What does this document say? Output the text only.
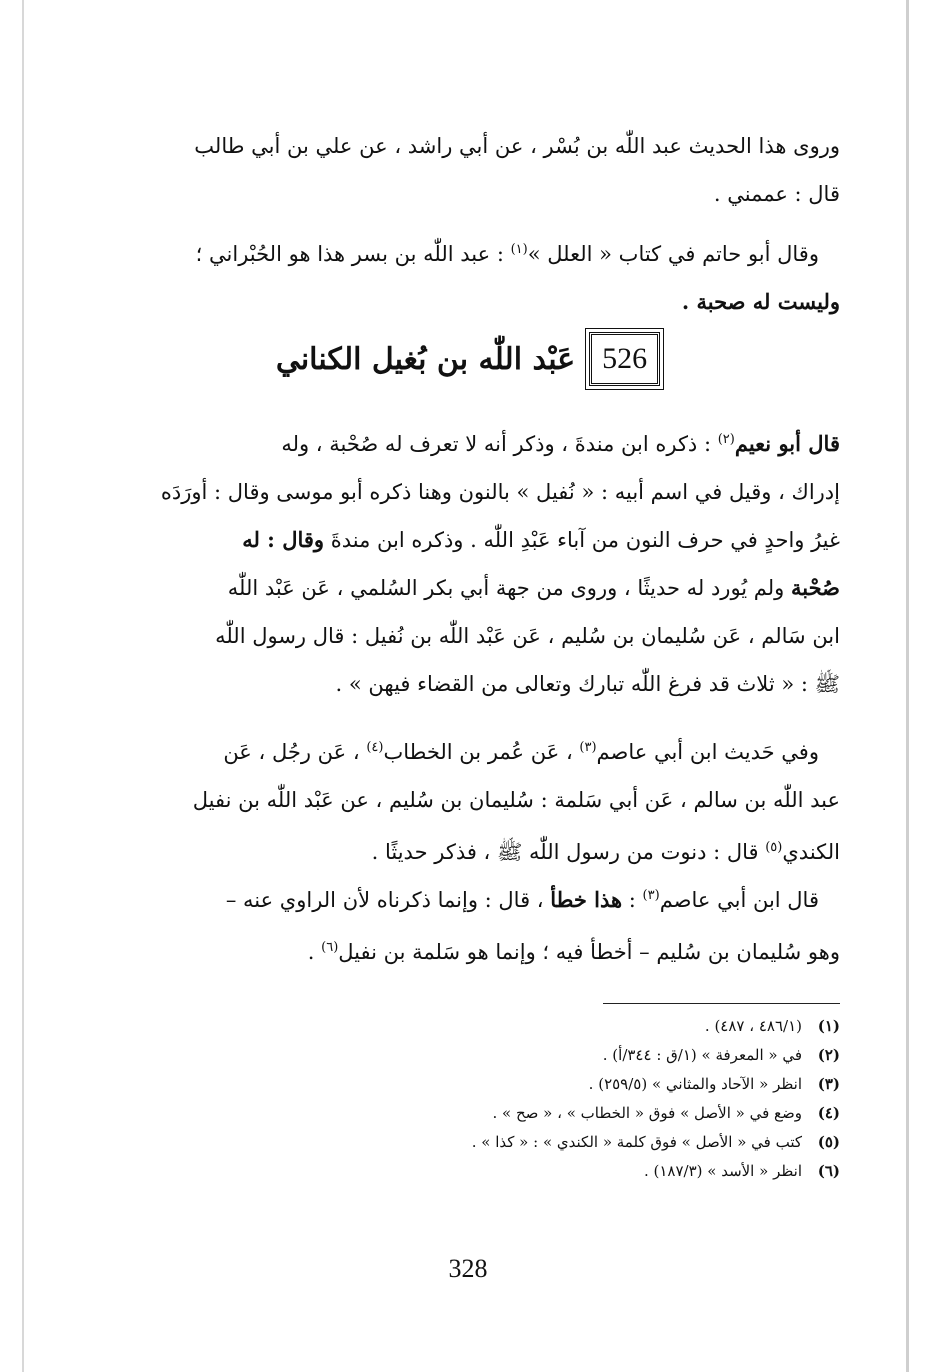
وروى هذا الحديث عبد اللّٰه بن بُسْر ، عن أبي راشد ، عن علي بن أبي طالب
قال : عممني .
 وقال أبو حاتم في كتاب « العلل »$^{(١)}$ : عبد اللّٰه بن بسر هذا هو الحُبْراني ؛
وليست له صحبة .
526
عَبْد اللّٰه بن بُغيل الكناني
قال أبو نعيم$^{(٢)}$ : ذكره ابن مندةَ ، وذكر أنه لا تعرف له صُحْبة ، وله
إدراك ، وقيل في اسم أبيه : « نُفيل » بالنون وهنا ذكره أبو موسى وقال : أورَدَه
غيرُ واحدٍ في حرف النون من آباء عَبْدِ اللّٰه . وذكره ابن مندةَ وقال : له
صُحْبة ولم يُورد له حديثًا ، وروى من جهة أبي بكر السُلمي ، عَن عَبْد اللّٰه
ابن سَالم ، عَن سُليمان بن سُليم ، عَن عَبْد اللّٰه بن نُفيل : قال رسول اللّٰه
ﷺ : « ثلاث قد فرغ اللّٰه تبارك وتعالى من القضاء فيهن » .
 وفي حَديث ابن أبي عاصم$^{(٣)}$ ، عَن عُمر بن الخطاب$^{(٤)}$ ، عَن رجُل ، عَن
عبد اللّٰه بن سالم ، عَن أبي سَلمة : سُليمان بن سُليم ، عن عَبْد اللّٰه بن نفيل
الكندي$^{(٥)}$ قال : دنوت من رسول اللّٰه ﷺ ، فذكر حديثًا .
 قال ابن أبي عاصم$^{(٣)}$ : هذا خطأ ، قال : وإنما ذكرناه لأن الراوي عنه –
وهو سُليمان بن سُليم – أخطأ فيه ؛ وإنما هو سَلمة بن نفيل$^{(٦)}$ .
(١)(٤٨٦/١ ، ٤٨٧) .
(٢)في « المعرفة » (١/ق : ٣٤٤/أ) .
(٣)انظر « الآحاد والمثاني » (٢٥٩/٥) .
(٤)وضع في « الأصل » فوق « الخطاب » ، « صح » .
(٥)كتب في « الأصل » فوق كلمة « الكندي » : « كذا » .
(٦)انظر « الأسد » (١٨٧/٣) .
328
